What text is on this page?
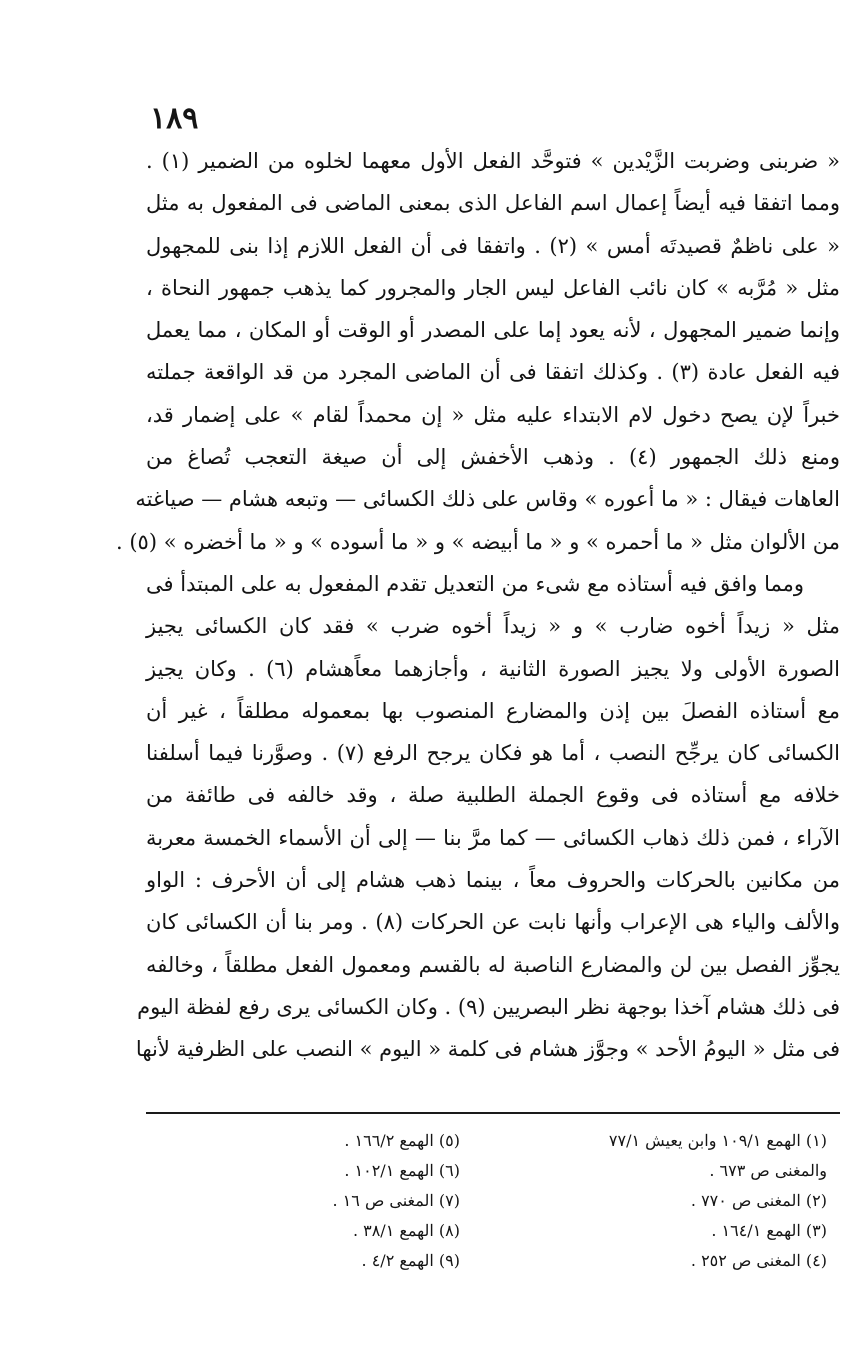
١٨٩
« ضربنى وضربت الزَّيْدين » فتوحَّد الفعل الأول معهما لخلوه من الضمير (١) .
ومما اتفقا فيه أيضاً إعمال اسم الفاعل الذى بمعنى الماضى فى المفعول به مثل
« على ناظمٌ قصيدتَه أمس » (٢) . واتفقا فى أن الفعل اللازم إذا بنى للمجهول
مثل « مُرَّبه » كان نائب الفاعل ليس الجار والمجرور كما يذهب جمهور النحاة ،
وإنما ضمير المجهول ، لأنه يعود إما على المصدر أو الوقت أو المكان ، مما يعمل
فيه الفعل عادة (٣) . وكذلك اتفقا فى أن الماضى المجرد من قد الواقعة جملته
خبراً لإن يصح دخول لام الابتداء عليه مثل « إن محمداً لقام » على إضمار قد،
ومنع ذلك الجمهور (٤) . وذهب الأخفش إلى أن صيغة التعجب تُصاغ من
العاهات فيقال : « ما أعوره » وقاس على ذلك الكسائى — وتبعه هشام — صياغته
من الألوان مثل « ما أحمره » و « ما أبيضه » و « ما أسوده » و « ما أخضره » (٥) .
ومما وافق فيه أستاذه مع شىء من التعديل تقدم المفعول به على المبتدأ فى
مثل « زيداً أخوه ضارب » و « زيداً أخوه ضرب » فقد كان الكسائى يجيز
الصورة الأولى ولا يجيز الصورة الثانية ، وأجازهما معاًهشام (٦) . وكان يجيز
مع أستاذه الفصلَ بين إذن والمضارع المنصوب بها بمعموله مطلقاً ، غير أن
الكسائى كان يرجِّح النصب ، أما هو فكان يرجح الرفع (٧) . وصوَّرنا فيما أسلفنا
خلافه مع أستاذه فى وقوع الجملة الطلبية صلة ، وقد خالفه فى طائفة من
الآراء ، فمن ذلك ذهاب الكسائى — كما مرَّ بنا — إلى أن الأسماء الخمسة معربة
من مكانين بالحركات والحروف معاً ، بينما ذهب هشام إلى أن الأحرف : الواو
والألف والياء هى الإعراب وأنها نابت عن الحركات (٨) . ومر بنا أن الكسائى كان
يجوِّز الفصل بين لن والمضارع الناصبة له بالقسم ومعمول الفعل مطلقاً ، وخالفه
فى ذلك هشام آخذا بوجهة نظر البصريين (٩) . وكان الكسائى يرى رفع لفظة اليوم
فى مثل « اليومُ الأحد » وجوَّز هشام فى كلمة « اليوم » النصب على الظرفية لأنها
(١) الهمع ١٠٩/١ وابن يعيش ٧٧/١
والمغنى ص ٦٧٣ .
(٢) المغنى ص ٧٧٠ .
(٣) الهمع ١٦٤/١ .
(٤) المغنى ص ٢٥٢ .
(٥) الهمع ١٦٦/٢ .
(٦) الهمع ١٠٢/١ .
(٧) المغنى ص ١٦ .
(٨) الهمع ٣٨/١ .
(٩) الهمع ٤/٢ .
